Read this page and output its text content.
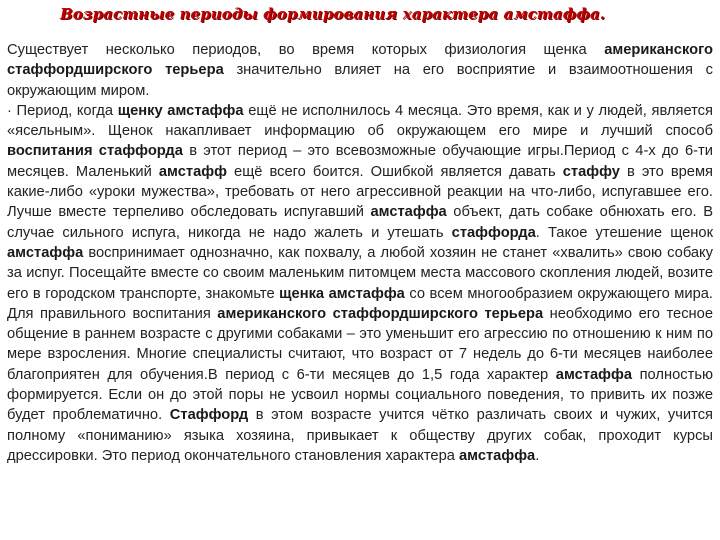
Возрастные периоды формирования характера амстаффа.

Существует несколько периодов, во время которых физиология щенка американского стаффордширского терьера значительно влияет на его восприятие и взаимоотношения с окружающим миром.

· Период, когда щенку амстаффа ещё не исполнилось 4 месяца. Это время, как и у людей, является «ясельным». Щенок накапливает информацию об окружающем его мире и лучший способ воспитания стаффорда в этот период – это всевозможные обучающие игры.Период с 4-х до 6-ти месяцев. Маленький амстафф ещё всего боится. Ошибкой является давать стаффу в это время какие-либо «уроки мужества», требовать от него агрессивной реакции на что-либо, испугавшее его. Лучше вместе терпеливо обследовать испугавший амстаффа объект, дать собаке обнюхать его. В случае сильного испуга, никогда не надо жалеть и утешать стаффорда. Такое утешение щенок амстаффа воспринимает однозначно, как похвалу, а любой хозяин не станет «хвалить» свою собаку за испуг. Посещайте вместе со своим маленьким питомцем места массового скопления людей, возите его в городском транспорте, знакомьте щенка амстаффа со всем многообразием окружающего мира. Для правильного воспитания американского стаффордширского терьера необходимо его тесное общение в раннем возрасте с другими собаками – это уменьшит его агрессию по отношению к ним по мере взросления. Многие специалисты считают, что возраст от 7 недель до 6-ти месяцев наиболее благоприятен для обучения.В период с 6-ти месяцев до 1,5 года характер амстаффа полностью формируется. Если он до этой поры не усвоил нормы социального поведения, то привить их позже будет проблематично. Стаффорд в этом возрасте учится чётко различать своих и чужих, учится полному «пониманию» языка хозяина, привыкает к обществу других собак, проходит курсы дрессировки. Это период окончательного становления характера амстаффа.
